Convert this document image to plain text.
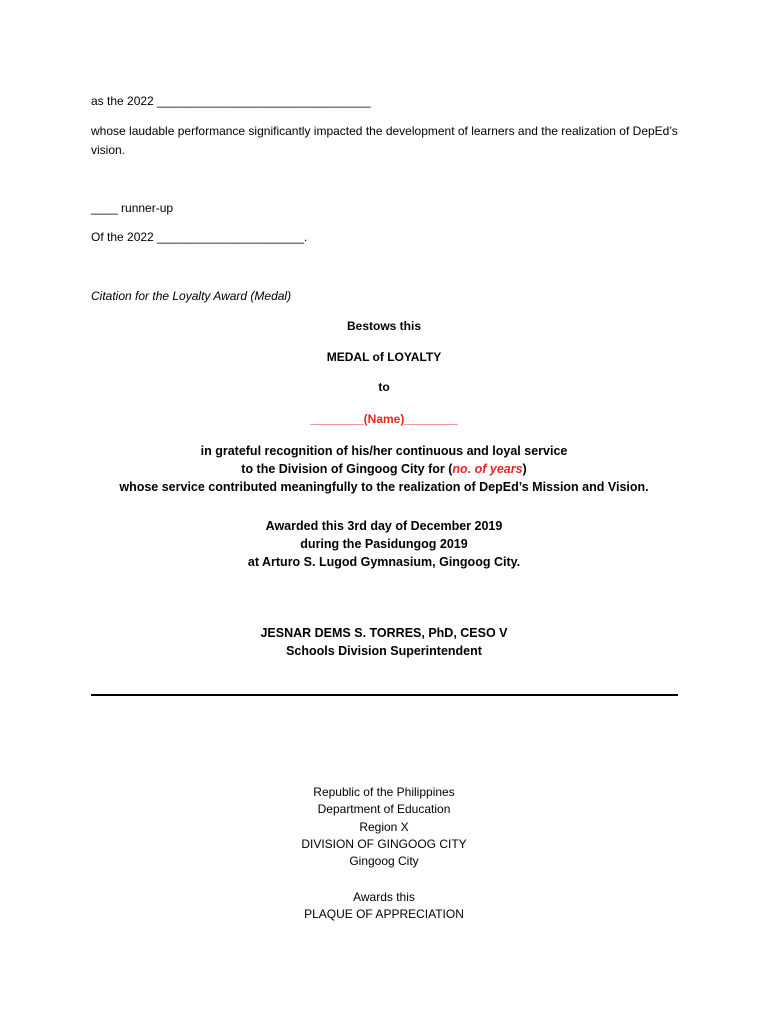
as the 2022 ________________________________
whose laudable performance significantly impacted the development of learners and the realization of DepEd’s vision.
____ runner-up
Of the 2022 ______________________.
Citation for the Loyalty Award (Medal)
Bestows this
MEDAL of LOYALTY
to
________(Name)________
in grateful recognition of his/her continuous and loyal service
to the Division of Gingoog City for (no. of years)
whose service contributed meaningfully to the realization of DepEd’s Mission and Vision.
Awarded this 3rd day of December 2019
during the Pasidungog 2019
at Arturo S. Lugod Gymnasium, Gingoog City.
JESNAR DEMS S. TORRES, PhD, CESO V
Schools Division Superintendent
Republic of the Philippines
Department of Education
Region X
DIVISION OF GINGOOG CITY
Gingoog City
Awards this
PLAQUE OF APPRECIATION
